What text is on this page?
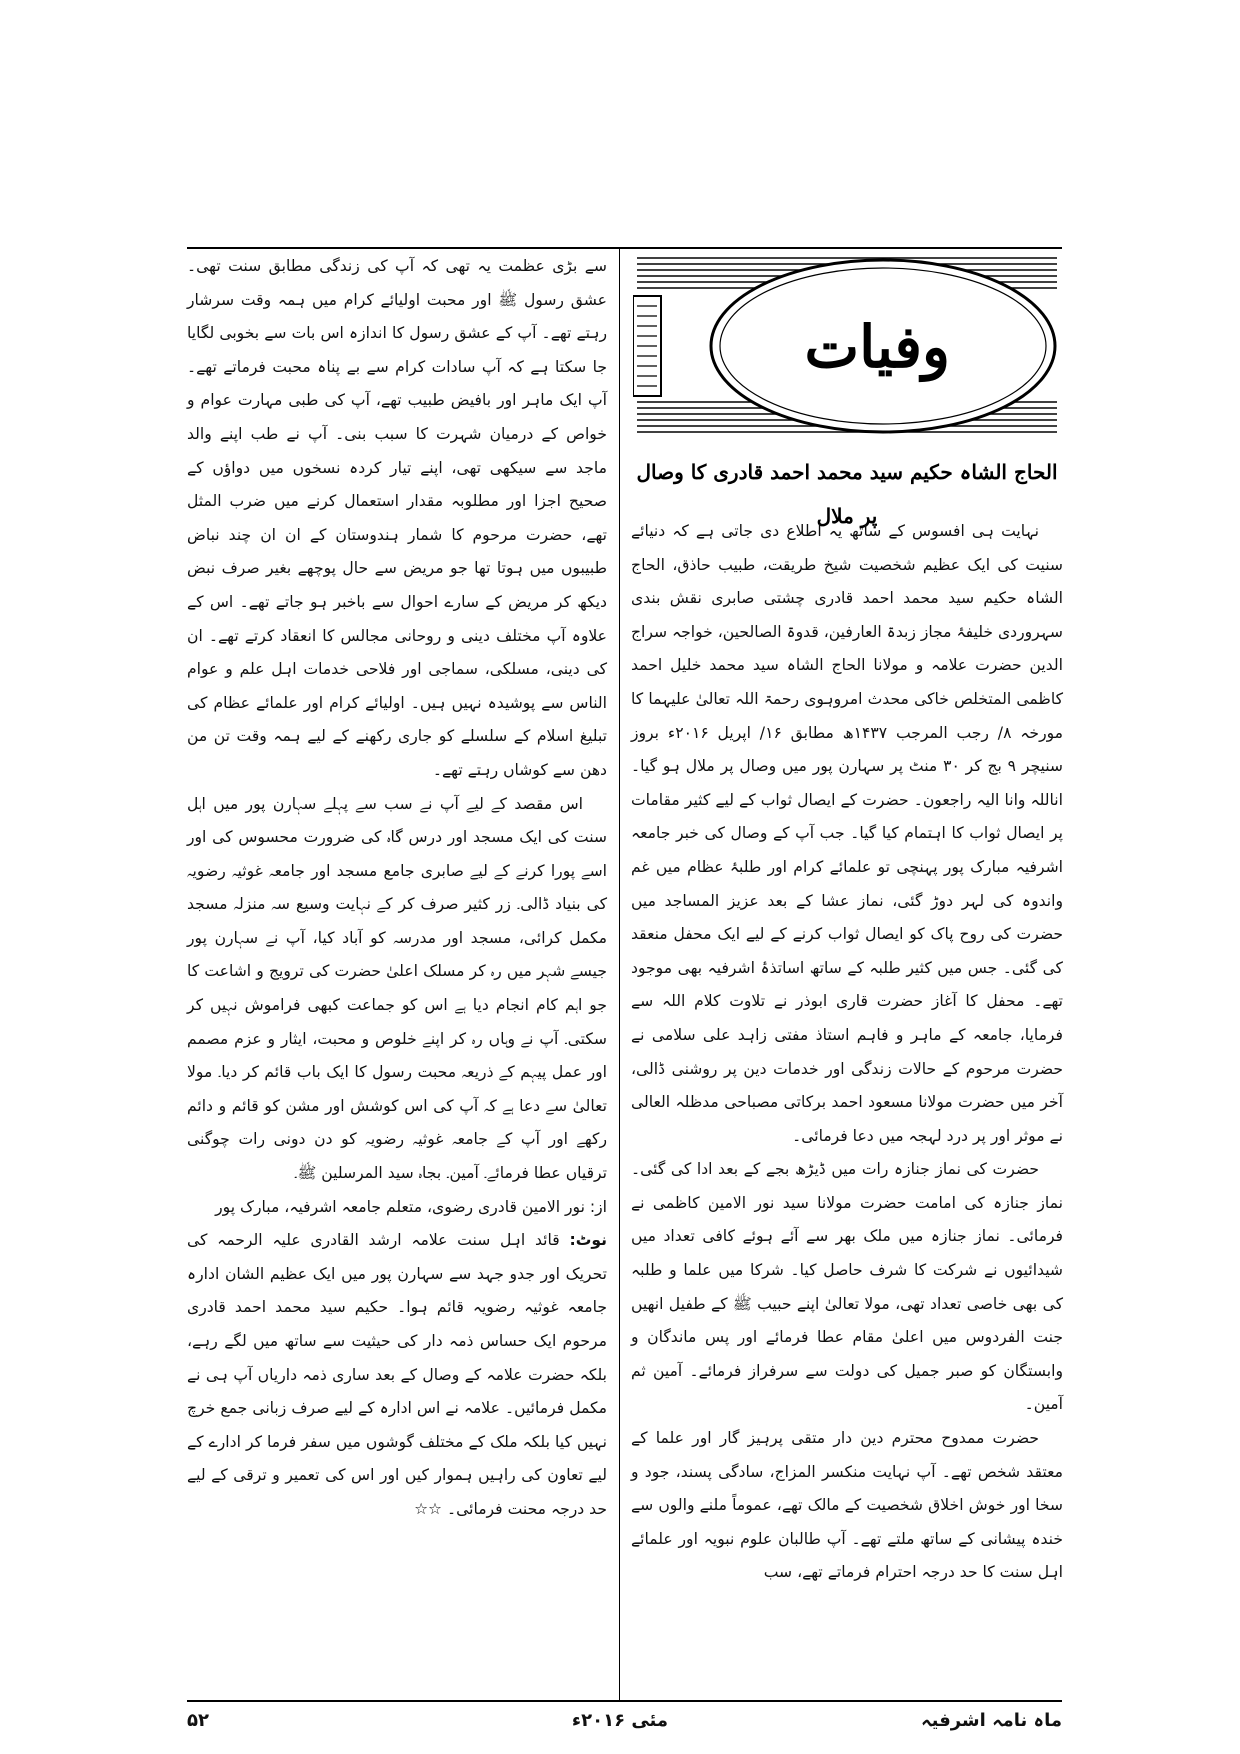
وفیات
الحاج الشاہ حکیم سید محمد احمد قادری کا وصال پر ملال

نہایت ہی افسوس کے ساتھ یہ اطلاع دی جاتی ہے کہ دنیائے سنیت کی ایک عظیم شخصیت شیخ طریقت، طبیب حاذق، الحاج الشاہ حکیم سید محمد احمد قادری چشتی صابری نقش بندی سہروردی خلیفۂ مجاز زبدۃ العارفین، قدوۃ الصالحین، خواجہ سراج الدین حضرت علامہ و مولانا الحاج الشاہ سید محمد خلیل احمد کاظمی المتخلص خاکی محدث امروہوی رحمۃ اللہ تعالیٰ علیہما کا مورخہ ۸/ رجب المرجب ۱۴۳۷ھ مطابق ۱۶/ اپریل ۲۰۱۶ء بروز سنیچر ۹ بج کر ۳۰ منٹ پر سہارن پور میں وصال پر ملال ہو گیا۔ اناللہ وانا الیہ راجعون۔ حضرت کے ایصال ثواب کے لیے کثیر مقامات پر ایصال ثواب کا اہتمام کیا گیا۔ جب آپ کے وصال کی خبر جامعہ اشرفیہ مبارک پور پہنچی تو علمائے کرام اور طلبۂ عظام میں غم واندوہ کی لہر دوڑ گئی، نماز عشا کے بعد عزیز المساجد میں حضرت کی روح پاک کو ایصال ثواب کرنے کے لیے ایک محفل منعقد کی گئی۔ جس میں کثیر طلبہ کے ساتھ اساتذۂ اشرفیہ بھی موجود تھے۔ محفل کا آغاز حضرت قاری ابوذر نے تلاوت کلام اللہ سے فرمایا، جامعہ کے ماہر و فاہم استاذ مفتی زاہد علی سلامی نے حضرت مرحوم کے حالات زندگی اور خدمات دین پر روشنی ڈالی، آخر میں حضرت مولانا مسعود احمد برکاتی مصباحی مدظلہ العالی نے موثر اور پر درد لہجہ میں دعا فرمائی۔

حضرت کی نماز جنازہ رات میں ڈیڑھ بجے کے بعد ادا کی گئی۔ نماز جنازہ کی امامت حضرت مولانا سید نور الامین کاظمی نے فرمائی۔ نماز جنازہ میں ملک بھر سے آئے ہوئے کافی تعداد میں شیدائیوں نے شرکت کا شرف حاصل کیا۔ شرکا میں علما و طلبہ کی بھی خاصی تعداد تھی، مولا تعالیٰ اپنے حبیب ﷺ کے طفیل انھیں جنت الفردوس میں اعلیٰ مقام عطا فرمائے اور پس ماندگان و وابستگان کو صبر جمیل کی دولت سے سرفراز فرمائے۔ آمین ثم آمین۔

حضرت ممدوح محترم دین دار متقی پرہیز گار اور علما کے معتقد شخص تھے۔ آپ نہایت منکسر المزاج، سادگی پسند، جود و سخا اور خوش اخلاق شخصیت کے مالک تھے، عموماً ملنے والوں سے خندہ پیشانی کے ساتھ ملتے تھے۔ آپ طالبان علوم نبویہ اور علمائے اہل سنت کا حد درجہ احترام فرماتے تھے، سب

سے بڑی عظمت یہ تھی کہ آپ کی زندگی مطابق سنت تھی۔ عشق رسول ﷺ اور محبت اولیائے کرام میں ہمہ وقت سرشار رہتے تھے۔ آپ کے عشق رسول کا اندازہ اس بات سے بخوبی لگایا جا سکتا ہے کہ آپ سادات کرام سے بے پناہ محبت فرماتے تھے۔ آپ ایک ماہر اور بافیض طبیب تھے، آپ کی طبی مہارت عوام و خواص کے درمیان شہرت کا سبب بنی۔ آپ نے طب اپنے والد ماجد سے سیکھی تھی، اپنے تیار کردہ نسخوں میں دواؤں کے صحیح اجزا اور مطلوبہ مقدار استعمال کرنے میں ضرب المثل تھے، حضرت مرحوم کا شمار ہندوستان کے ان ان چند نباض طبیبوں میں ہوتا تھا جو مریض سے حال پوچھے بغیر صرف نبض دیکھ کر مریض کے سارے احوال سے باخبر ہو جاتے تھے۔ اس کے علاوہ آپ مختلف دینی و روحانی مجالس کا انعقاد کرتے تھے۔ ان کی دینی، مسلکی، سماجی اور فلاحی خدمات اہل علم و عوام الناس سے پوشیدہ نہیں ہیں۔ اولیائے کرام اور علمائے عظام کی تبلیغ اسلام کے سلسلے کو جاری رکھنے کے لیے ہمہ وقت تن من دھن سے کوشاں رہتے تھے۔

اس مقصد کے لیے آپ نے سب سے پہلے سہارن پور میں اہل سنت کی ایک مسجد اور درس گاہ کی ضرورت محسوس کی اور اسے پورا کرنے کے لیے صابری جامع مسجد اور جامعہ غوثیہ رضویہ کی بنیاد ڈالی۔ زر کثیر صرف کر کے نہایت وسیع سہ منزلہ مسجد مکمل کرائی، مسجد اور مدرسہ کو آباد کیا، آپ نے سہارن پور جیسے شہر میں رہ کر مسلک اعلیٰ حضرت کی ترویج و اشاعت کا جو اہم کام انجام دیا ہے اس کو جماعت کبھی فراموش نہیں کر سکتی۔ آپ نے وہاں رہ کر اپنے خلوص و محبت، ایثار و عزم مصمم اور عمل پیہم کے ذریعہ محبت رسول کا ایک باب قائم کر دیا۔ مولا تعالیٰ سے دعا ہے کہ آپ کی اس کوشش اور مشن کو قائم و دائم رکھے اور آپ کے جامعہ غوثیہ رضویہ کو دن دونی رات چوگنی ترقیاں عطا فرمائے۔ آمین۔ بجاہ سید المرسلین ﷺ۔

از: نور الامین قادری رضوی، متعلم جامعہ اشرفیہ، مبارک پور

نوٹ: قائد اہل سنت علامہ ارشد القادری علیہ الرحمہ کی تحریک اور جدو جہد سے سہارن پور میں ایک عظیم الشان ادارہ جامعہ غوثیہ رضویہ قائم ہوا۔ حکیم سید محمد احمد قادری مرحوم ایک حساس ذمہ دار کی حیثیت سے ساتھ میں لگے رہے، بلکہ حضرت علامہ کے وصال کے بعد ساری ذمہ داریاں آپ ہی نے مکمل فرمائیں۔ علامہ نے اس ادارہ کے لیے صرف زبانی جمع خرچ نہیں کیا بلکہ ملک کے مختلف گوشوں میں سفر فرما کر ادارے کے لیے تعاون کی راہیں ہموار کیں اور اس کی تعمیر و ترقی کے لیے حد درجہ محنت فرمائی۔ ☆☆

ماہ نامہ اشرفیہ
مئی ۲۰۱۶ء
۵۲
